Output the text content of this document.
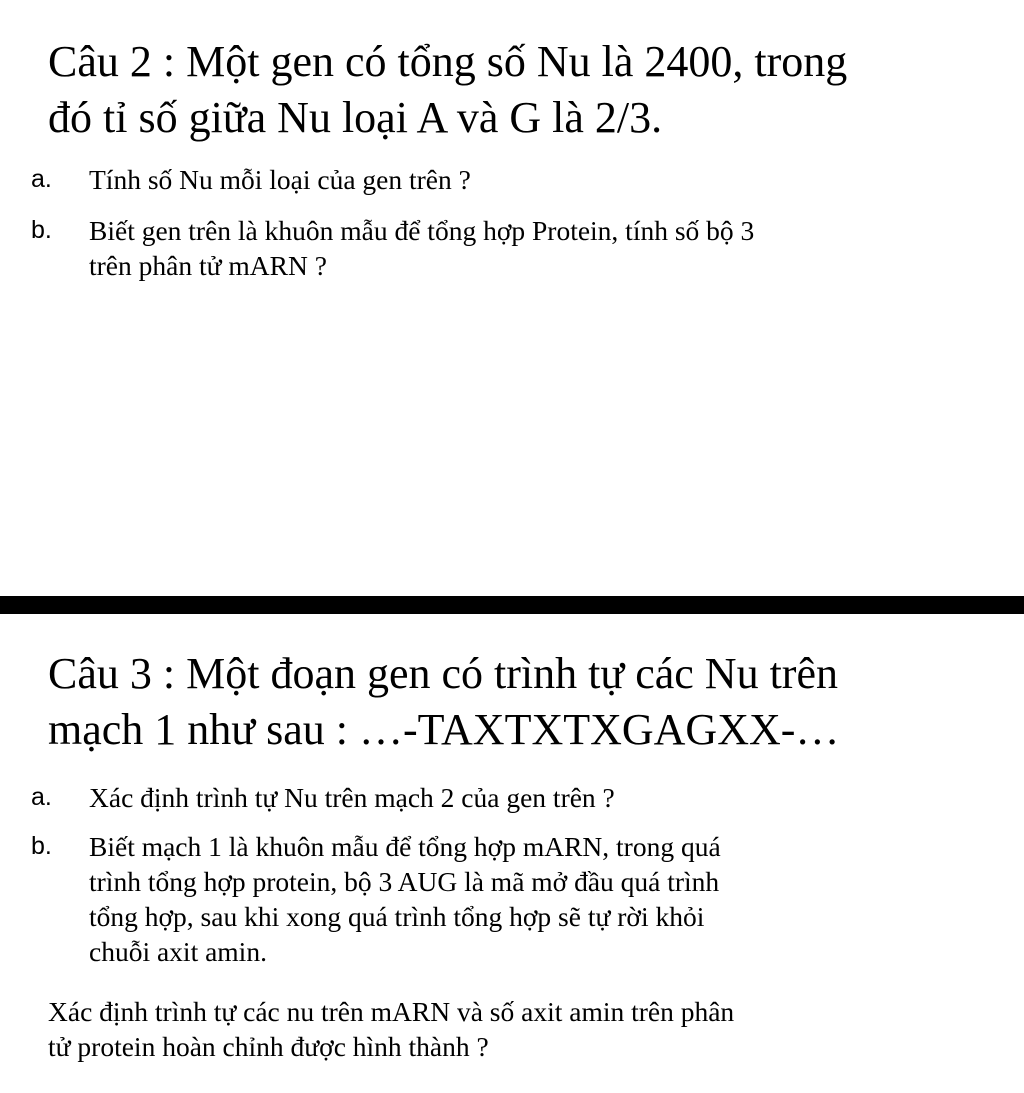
Câu 2 : Một gen có tổng số Nu là 2400, trong
đó tỉ số giữa Nu loại A và G là 2/3.
a. Tính số Nu mỗi loại của gen trên ?
b. Biết gen trên là khuôn mẫu để tổng hợp Protein, tính số bộ 3
trên phân tử mARN ?
Câu 3 : Một đoạn gen có trình tự các Nu trên
mạch 1 như sau : …-TAXTXTXGAGXX-…
a. Xác định trình tự Nu trên mạch 2 của gen trên ?
b. Biết mạch 1 là khuôn mẫu để tổng hợp mARN, trong quá
trình tổng hợp protein, bộ 3 AUG là mã mở đầu quá trình
tổng hợp, sau khi xong quá trình tổng hợp sẽ tự rời khỏi
chuỗi axit amin.
Xác định trình tự các nu trên mARN và số axit amin trên phân
tử protein hoàn chỉnh được hình thành ?
